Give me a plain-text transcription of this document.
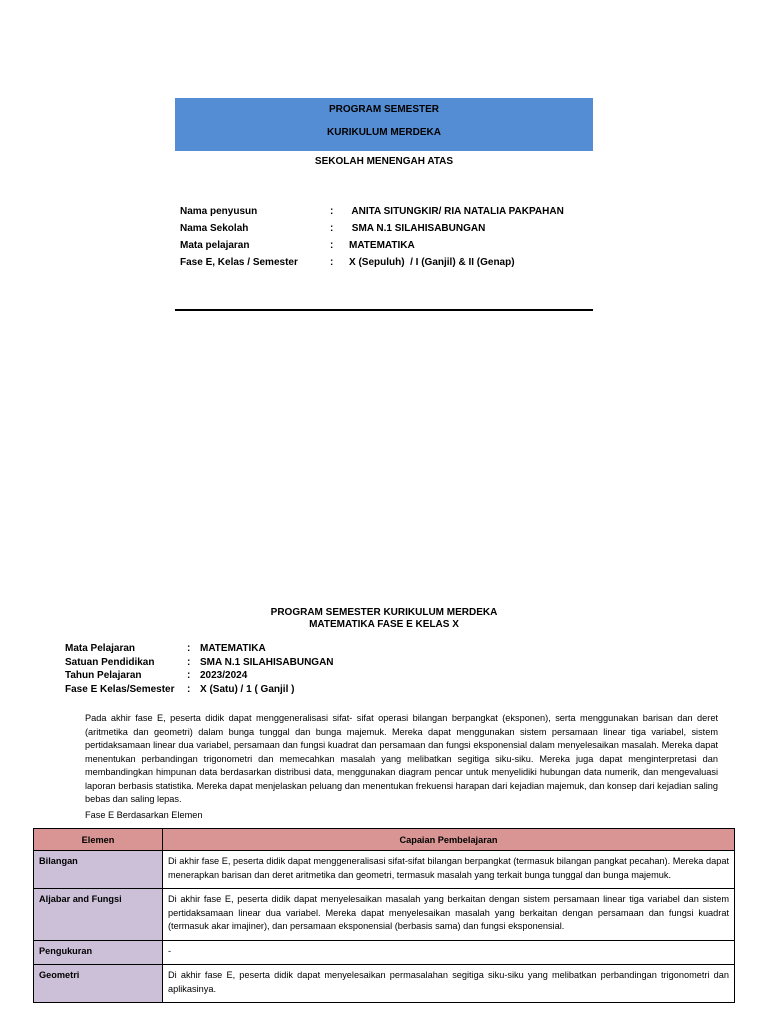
PROGRAM SEMESTER
KURIKULUM MERDEKA
SEKOLAH MENENGAH ATAS
Nama penyusun	: ANITA SITUNGKIR/ RIA NATALIA PAKPAHAN
Nama Sekolah	: SMA N.1 SILAHISABUNGAN
Mata pelajaran	: MATEMATIKA
Fase E, Kelas / Semester	: X (Sepuluh)  / I (Ganjil) & II (Genap)
PROGRAM SEMESTER KURIKULUM MERDEKA
MATEMATIKA FASE E KELAS X
Mata Pelajaran	: MATEMATIKA
Satuan Pendidikan	: SMA N.1 SILAHISABUNGAN
Tahun Pelajaran	: 2023/2024
Fase E Kelas/Semester : X (Satu) / 1 ( Ganjil )
Pada akhir fase E, peserta didik dapat menggeneralisasi sifat- sifat operasi bilangan berpangkat (eksponen), serta menggunakan barisan dan deret (aritmetika dan geometri) dalam bunga tunggal dan bunga majemuk. Mereka dapat menggunakan sistem persamaan linear tiga variabel, sistem pertidaksamaan linear dua variabel, persamaan dan fungsi kuadrat dan persamaan dan fungsi eksponensial dalam menyelesaikan masalah. Mereka dapat menentukan perbandingan trigonometri dan memecahkan masalah yang melibatkan segitiga siku-siku. Mereka juga dapat menginterpretasi dan membandingkan himpunan data berdasarkan distribusi data, menggunakan diagram pencar untuk menyelidiki hubungan data numerik, dan mengevaluasi laporan berbasis statistika. Mereka dapat menjelaskan peluang dan menentukan frekuensi harapan dari kejadian majemuk, dan konsep dari kejadian saling bebas dan saling lepas.
Fase E Berdasarkan Elemen
Elemen	Capaian Pembelajaran
Bilangan	Di akhir fase E, peserta didik dapat menggeneralisasi sifat-sifat bilangan berpangkat (termasuk bilangan pangkat pecahan). Mereka dapat menerapkan barisan dan deret aritmetika dan geometri, termasuk masalah yang terkait bunga tunggal dan bunga majemuk.
Aljabar and Fungsi	Di akhir fase E, peserta didik dapat menyelesaikan masalah yang berkaitan dengan sistem persamaan linear tiga variabel dan sistem pertidaksamaan linear dua variabel. Mereka dapat menyelesaikan masalah yang berkaitan dengan persamaan dan fungsi kuadrat (termasuk akar imajiner), dan persamaan eksponensial (berbasis sama) dan fungsi eksponensial.
Pengukuran	-
Geometri	Di akhir fase E, peserta didik dapat menyelesaikan permasalahan segitiga siku-siku yang melibatkan perbandingan trigonometri dan aplikasinya.
